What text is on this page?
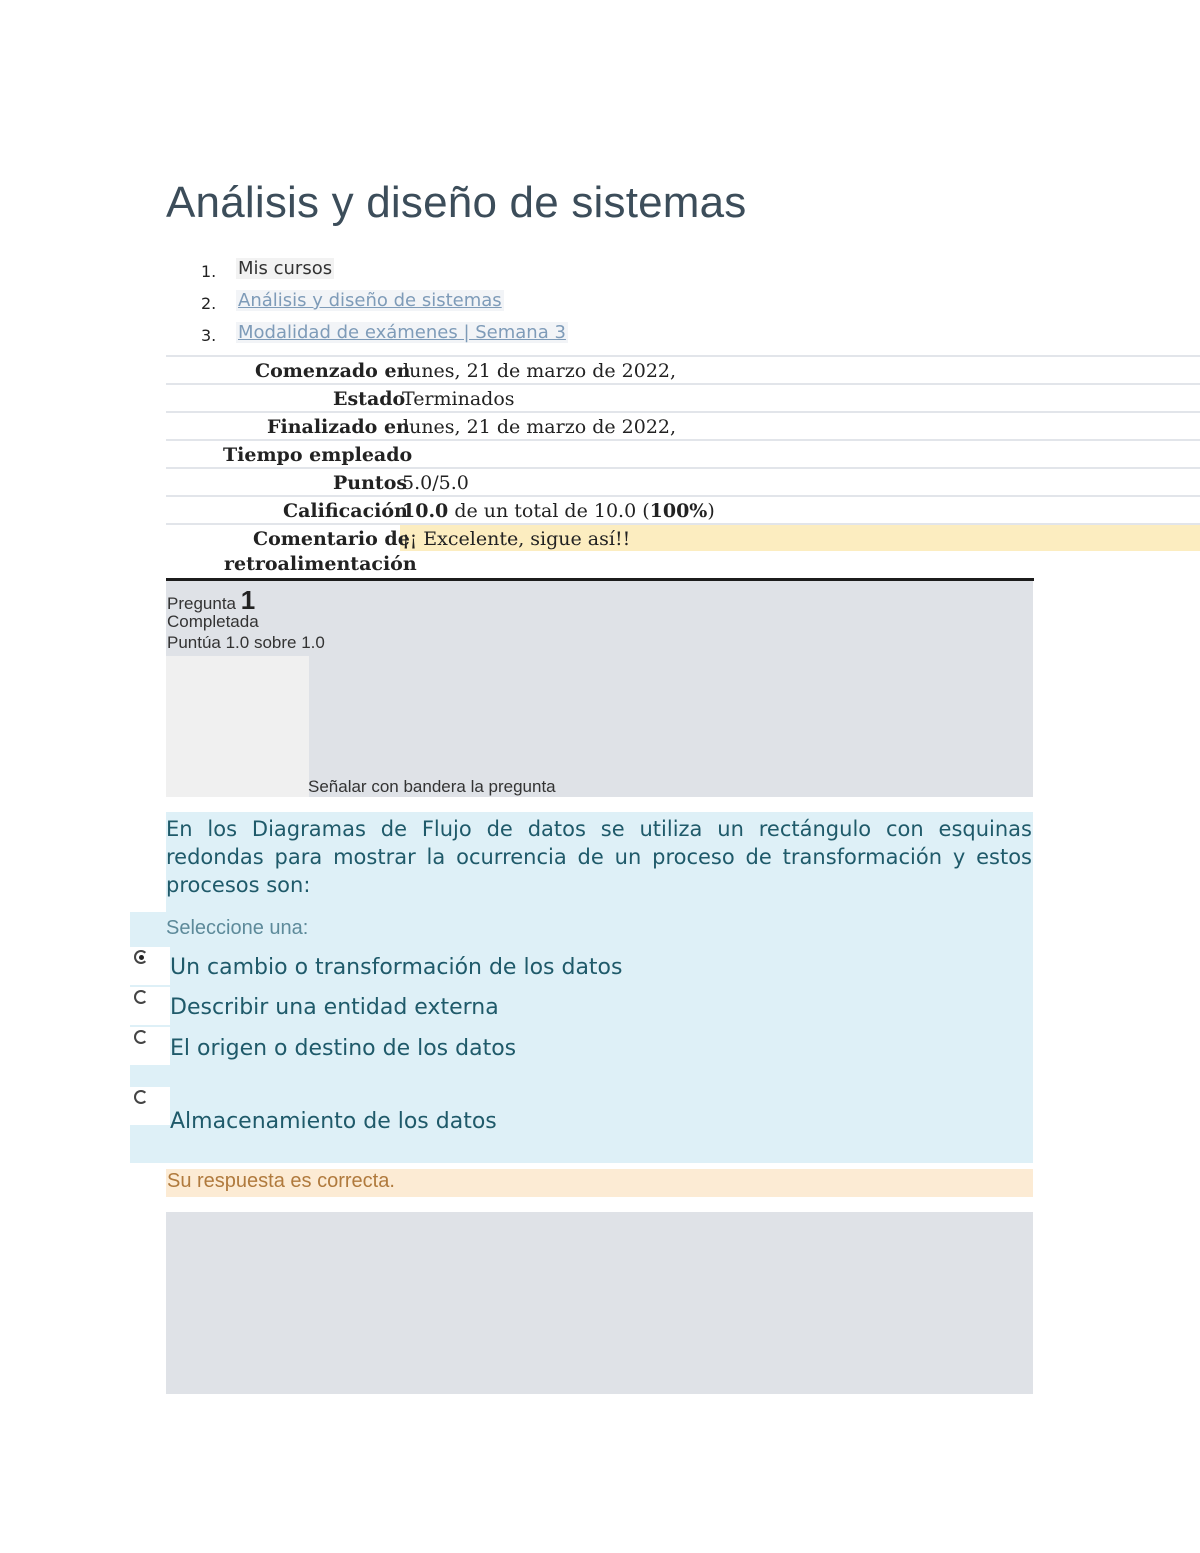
Análisis y diseño de sistemas
1. Mis cursos
2. Análisis y diseño de sistemas
3. Modalidad de exámenes | Semana 3
Comenzado en
lunes, 21 de marzo de 2022,
Estado
Terminados
Finalizado en
lunes, 21 de marzo de 2022,
Tiempo empleado
Puntos
5.0/5.0
Calificación
10.0 de un total de 10.0 (100%)
Comentario de
¡¡ Excelente, sigue así!!
retroalimentación
Pregunta 1
Completada
Puntúa 1.0 sobre 1.0
Señalar con bandera la pregunta
En los Diagramas de Flujo de datos se utiliza un rectángulo con esquinas redondas para mostrar la ocurrencia de un proceso de transformación y estos procesos son:
Seleccione una:
Un cambio o transformación de los datos
Describir una entidad externa
El origen o destino de los datos
Almacenamiento de los datos
Su respuesta es correcta.
